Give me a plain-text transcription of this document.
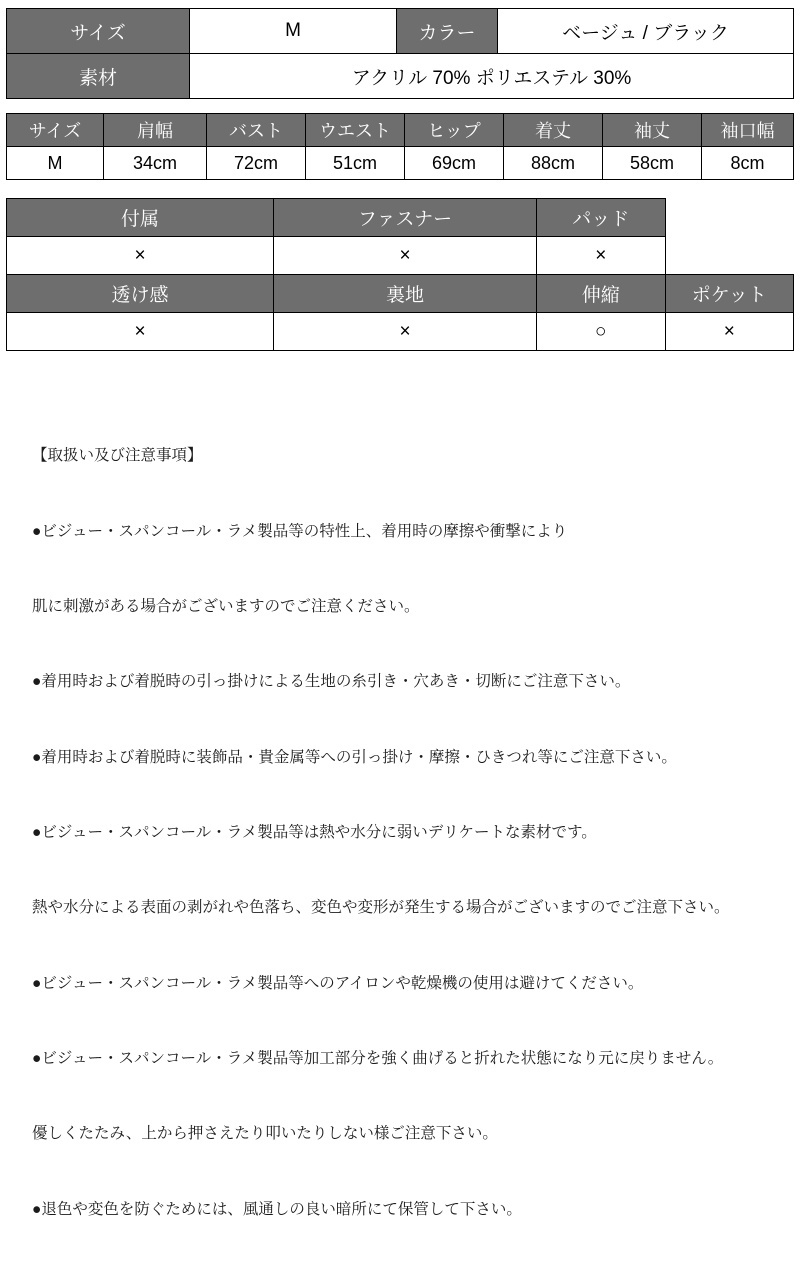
サイズ	M	カラー	ベージュ / ブラック
素材	アクリル 70% ポリエステル 30%		
サイズ	肩幅	バスト	ウエスト	ヒップ	着丈	袖丈	袖口幅
M	34cm	72cm	51cm	69cm	88cm	58cm	8cm
付属	ファスナー	パッド	
×	×	×	
透け感	裏地	伸縮	ポケット
×	×	○	×

【取扱い及び注意事項】

●ビジュー・スパンコール・ラメ製品等の特性上、着用時の摩擦や衝撃により

肌に刺激がある場合がございますのでご注意ください。

●着用時および着脱時の引っ掛けによる生地の糸引き・穴あき・切断にご注意下さい。

●着用時および着脱時に装飾品・貴金属等への引っ掛け・摩擦・ひきつれ等にご注意下さい。

●ビジュー・スパンコール・ラメ製品等は熱や水分に弱いデリケートな素材です。

熱や水分による表面の剥がれや色落ち、変色や変形が発生する場合がございますのでご注意下さい。

●ビジュー・スパンコール・ラメ製品等へのアイロンや乾燥機の使用は避けてください。

●ビジュー・スパンコール・ラメ製品等加工部分を強く曲げると折れた状態になり元に戻りません。

優しくたたみ、上から押さえたり叩いたりしない様ご注意下さい。

●退色や変色を防ぐためには、風通しの良い暗所にて保管して下さい。
